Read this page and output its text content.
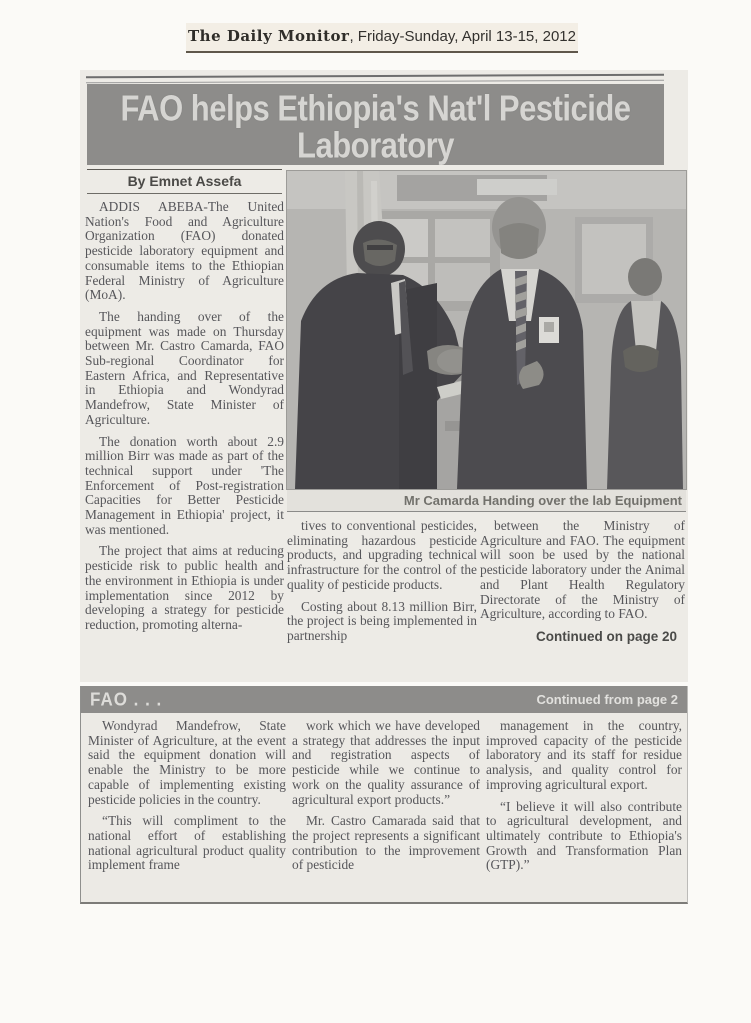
The Daily Monitor, Friday-Sunday, April 13-15, 2012
FAO helps Ethiopia's Nat'l Pesticide
Laboratory
By Emnet Assefa

ADDIS ABEBA-The United Nation's Food and Agriculture Organization (FAO) donated pesticide laboratory equipment and consumable items to the Ethiopian Federal Ministry of Agriculture (MoA).

The handing over of the equipment was made on Thursday between Mr. Castro Camarda, FAO Sub-regional Coordinator for Eastern Africa, and Representative in Ethiopia and Wondyrad Mandefrow, State Minister of Agriculture.

The donation worth about 2.9 million Birr was made as part of the technical support under 'The Enforcement of Post-registration Capacities for Better Pesticide Management in Ethiopia' project, it was mentioned.

The project that aims at reducing pesticide risk to public health and the environment in Ethiopia is under implementation since 2012 by developing a strategy for pesticide reduction, promoting alterna-

Mr Camarda Handing over the lab Equipment

tives to conventional pesticides, eliminating hazardous pesticide products, and upgrading technical infrastructure for the control of the quality of pesticide products.

Costing about 8.13 million Birr, the project is being implemented in partnership

between the Ministry of Agriculture and FAO. The equipment will soon be used by the national pesticide laboratory under the Animal and Plant Health Regulatory Directorate of the Ministry of Agriculture, according to FAO.

Continued on page 20
FAO . . .	Continued from page 2

Wondyrad Mandefrow, State Minister of Agriculture, at the event said the equipment donation will enable the Ministry to be more capable of implementing existing pesticide policies in the country.

“This will compliment to the national effort of establishing national agricultural product quality implement frame

work which we have developed a strategy that addresses the input and registration aspects of pesticide while we continue to work on the quality assurance of agricultural export products.”

Mr. Castro Camarada said that the project represents a significant contribution to the improvement of pesticide

management in the country, improved capacity of the pesticide laboratory and its staff for residue analysis, and quality control for improving agricultural export.

“I believe it will also contribute to agricultural development, and ultimately contribute to Ethiopia's Growth and Transformation Plan (GTP).”
